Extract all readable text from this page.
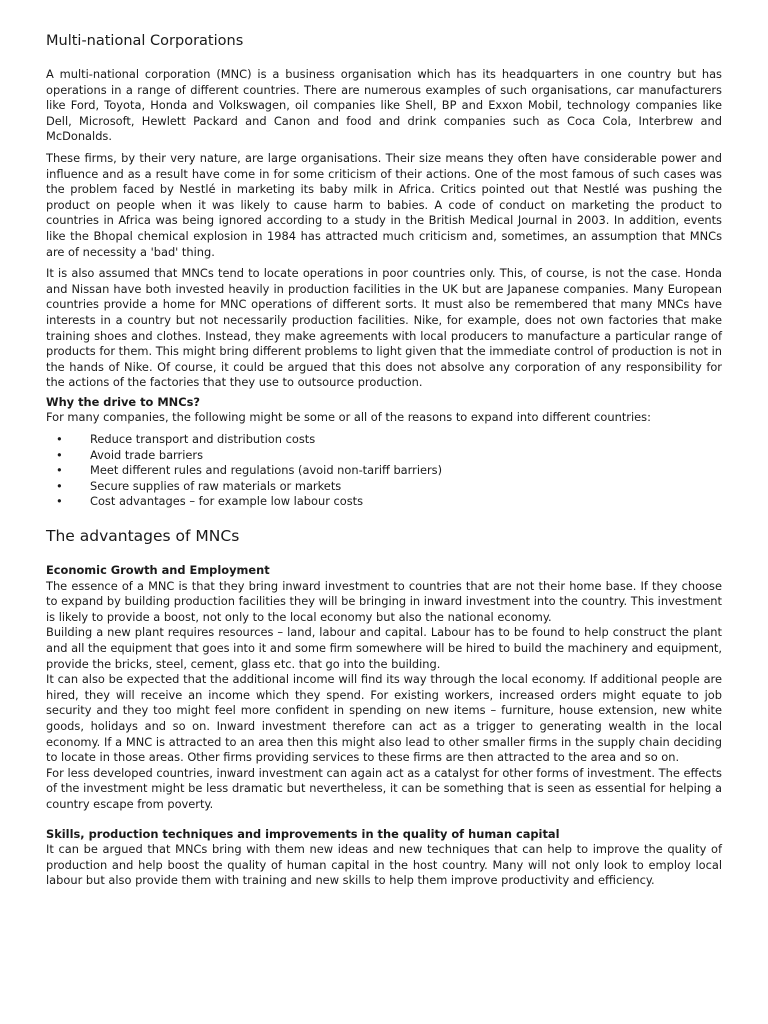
Multi-national Corporations

A multi-national corporation (MNC) is a business organisation which has its headquarters in one country but has operations in a range of different countries. There are numerous examples of such organisations, car manufacturers like Ford, Toyota, Honda and Volkswagen, oil companies like Shell, BP and Exxon Mobil, technology companies like Dell, Microsoft, Hewlett Packard and Canon and food and drink companies such as Coca Cola, Interbrew and McDonalds.

These firms, by their very nature, are large organisations. Their size means they often have considerable power and influence and as a result have come in for some criticism of their actions. One of the most famous of such cases was the problem faced by Nestlé in marketing its baby milk in Africa. Critics pointed out that Nestlé was pushing the product on people when it was likely to cause harm to babies. A code of conduct on marketing the product to countries in Africa was being ignored according to a study in the British Medical Journal in 2003. In addition, events like the Bhopal chemical explosion in 1984 has attracted much criticism and, sometimes, an assumption that MNCs are of necessity a 'bad' thing.

It is also assumed that MNCs tend to locate operations in poor countries only. This, of course, is not the case. Honda and Nissan have both invested heavily in production facilities in the UK but are Japanese companies. Many European countries provide a home for MNC operations of different sorts. It must also be remembered that many MNCs have interests in a country but not necessarily production facilities. Nike, for example, does not own factories that make training shoes and clothes. Instead, they make agreements with local producers to manufacture a particular range of products for them. This might bring different problems to light given that the immediate control of production is not in the hands of Nike. Of course, it could be argued that this does not absolve any corporation of any responsibility for the actions of the factories that they use to outsource production.

Why the drive to MNCs?

For many companies, the following might be some or all of the reasons to expand into different countries:

• Reduce transport and distribution costs
• Avoid trade barriers
• Meet different rules and regulations (avoid non-tariff barriers)
• Secure supplies of raw materials or markets
• Cost advantages – for example low labour costs
The advantages of MNCs
Economic Growth and Employment

The essence of a MNC is that they bring inward investment to countries that are not their home base. If they choose to expand by building production facilities they will be bringing in inward investment into the country. This investment is likely to provide a boost, not only to the local economy but also the national economy.

Building a new plant requires resources – land, labour and capital. Labour has to be found to help construct the plant and all the equipment that goes into it and some firm somewhere will be hired to build the machinery and equipment, provide the bricks, steel, cement, glass etc. that go into the building.

It can also be expected that the additional income will find its way through the local economy. If additional people are hired, they will receive an income which they spend. For existing workers, increased orders might equate to job security and they too might feel more confident in spending on new items – furniture, house extension, new white goods, holidays and so on. Inward investment therefore can act as a trigger to generating wealth in the local economy. If a MNC is attracted to an area then this might also lead to other smaller firms in the supply chain deciding to locate in those areas. Other firms providing services to these firms are then attracted to the area and so on.

For less developed countries, inward investment can again act as a catalyst for other forms of investment. The effects of the investment might be less dramatic but nevertheless, it can be something that is seen as essential for helping a country escape from poverty.

Skills, production techniques and improvements in the quality of human capital

It can be argued that MNCs bring with them new ideas and new techniques that can help to improve the quality of production and help boost the quality of human capital in the host country. Many will not only look to employ local labour but also provide them with training and new skills to help them improve productivity and efficiency.
